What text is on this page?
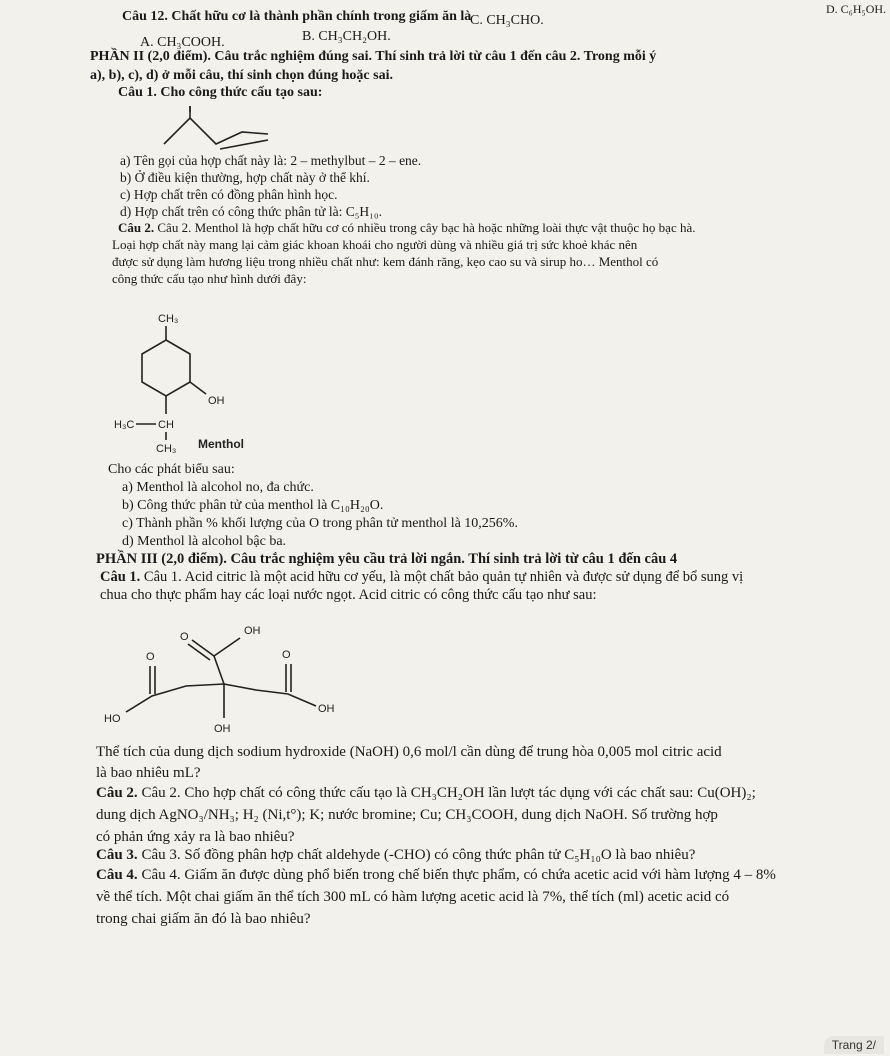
Câu 12. Chất hữu cơ là thành phần chính trong giấm ăn là
A. CH₃COOH.	B. CH₃CH₂OH.
C. CH₃CHO.
D. C₆H₅OH.
PHẦN II (2,0 điểm). Câu trắc nghiệm đúng sai. Thí sinh trả lời từ câu 1 đến câu 2. Trong mỗi ý
a), b), c), d) ở mỗi câu, thí sinh chọn đúng hoặc sai.
Câu 1. Cho công thức cấu tạo sau:
a) Tên gọi của hợp chất này là: 2 – methylbut – 2 – ene.
b) Ở điều kiện thường, hợp chất này ở thể khí.
c) Hợp chất trên có đồng phân hình học.
d) Hợp chất trên có công thức phân tử là: C₅H₁₀.
Câu 2. Câu 2. Menthol là hợp chất hữu cơ có nhiều trong cây bạc hà hoặc những loài thực vật thuộc họ bạc hà.
Loại hợp chất này mang lại cảm giác khoan khoái cho người dùng và nhiều giá trị sức khoẻ khác nên
được sử dụng làm hương liệu trong nhiều chất như: kem đánh răng, kẹo cao su và sirup ho… Menthol có
công thức cấu tạo như hình dưới đây:
CH₃
OH
H₃C CH
CH₃ Menthol
Cho các phát biểu sau:
a) Menthol là alcohol no, đa chức.
b) Công thức phân tử của menthol là C₁₀H₂₀O.
c) Thành phần % khối lượng của O trong phân tử menthol là 10,256%.
d) Menthol là alcohol bậc ba.
PHẦN III (2,0 điểm). Câu trắc nghiệm yêu cầu trả lời ngắn. Thí sinh trả lời từ câu 1 đến câu 4
Câu 1. Câu 1. Acid citric là một acid hữu cơ yếu, là một chất bảo quản tự nhiên và được sử dụng để bổ sung vị
chua cho thực phẩm hay các loại nước ngọt. Acid citric có công thức cấu tạo như sau:
O	OH
O	O
HO
OH
OH
Thể tích của dung dịch sodium hydroxide (NaOH) 0,6 mol/l cần dùng để trung hòa 0,005 mol citric acid
là bao nhiêu mL?
Câu 2. Câu 2. Cho hợp chất có công thức cấu tạo là CH₃CH₂OH lần lượt tác dụng với các chất sau: Cu(OH)₂;
dung dịch AgNO₃/NH₃; H₂ (Ni,t°); K; nước bromine; Cu; CH₃COOH, dung dịch NaOH. Số trường hợp
có phản ứng xảy ra là bao nhiêu?
Câu 3. Câu 3. Số đồng phân hợp chất aldehyde (-CHO) có công thức phân tử C₅H₁₀O là bao nhiêu?
Câu 4. Câu 4. Giấm ăn được dùng phổ biến trong chế biến thực phẩm, có chứa acetic acid với hàm lượng 4 – 8%
về thể tích. Một chai giấm ăn thể tích 300 mL có hàm lượng acetic acid là 7%, thể tích (ml) acetic acid có
trong chai giấm ăn đó là bao nhiêu?
Trang 2/
